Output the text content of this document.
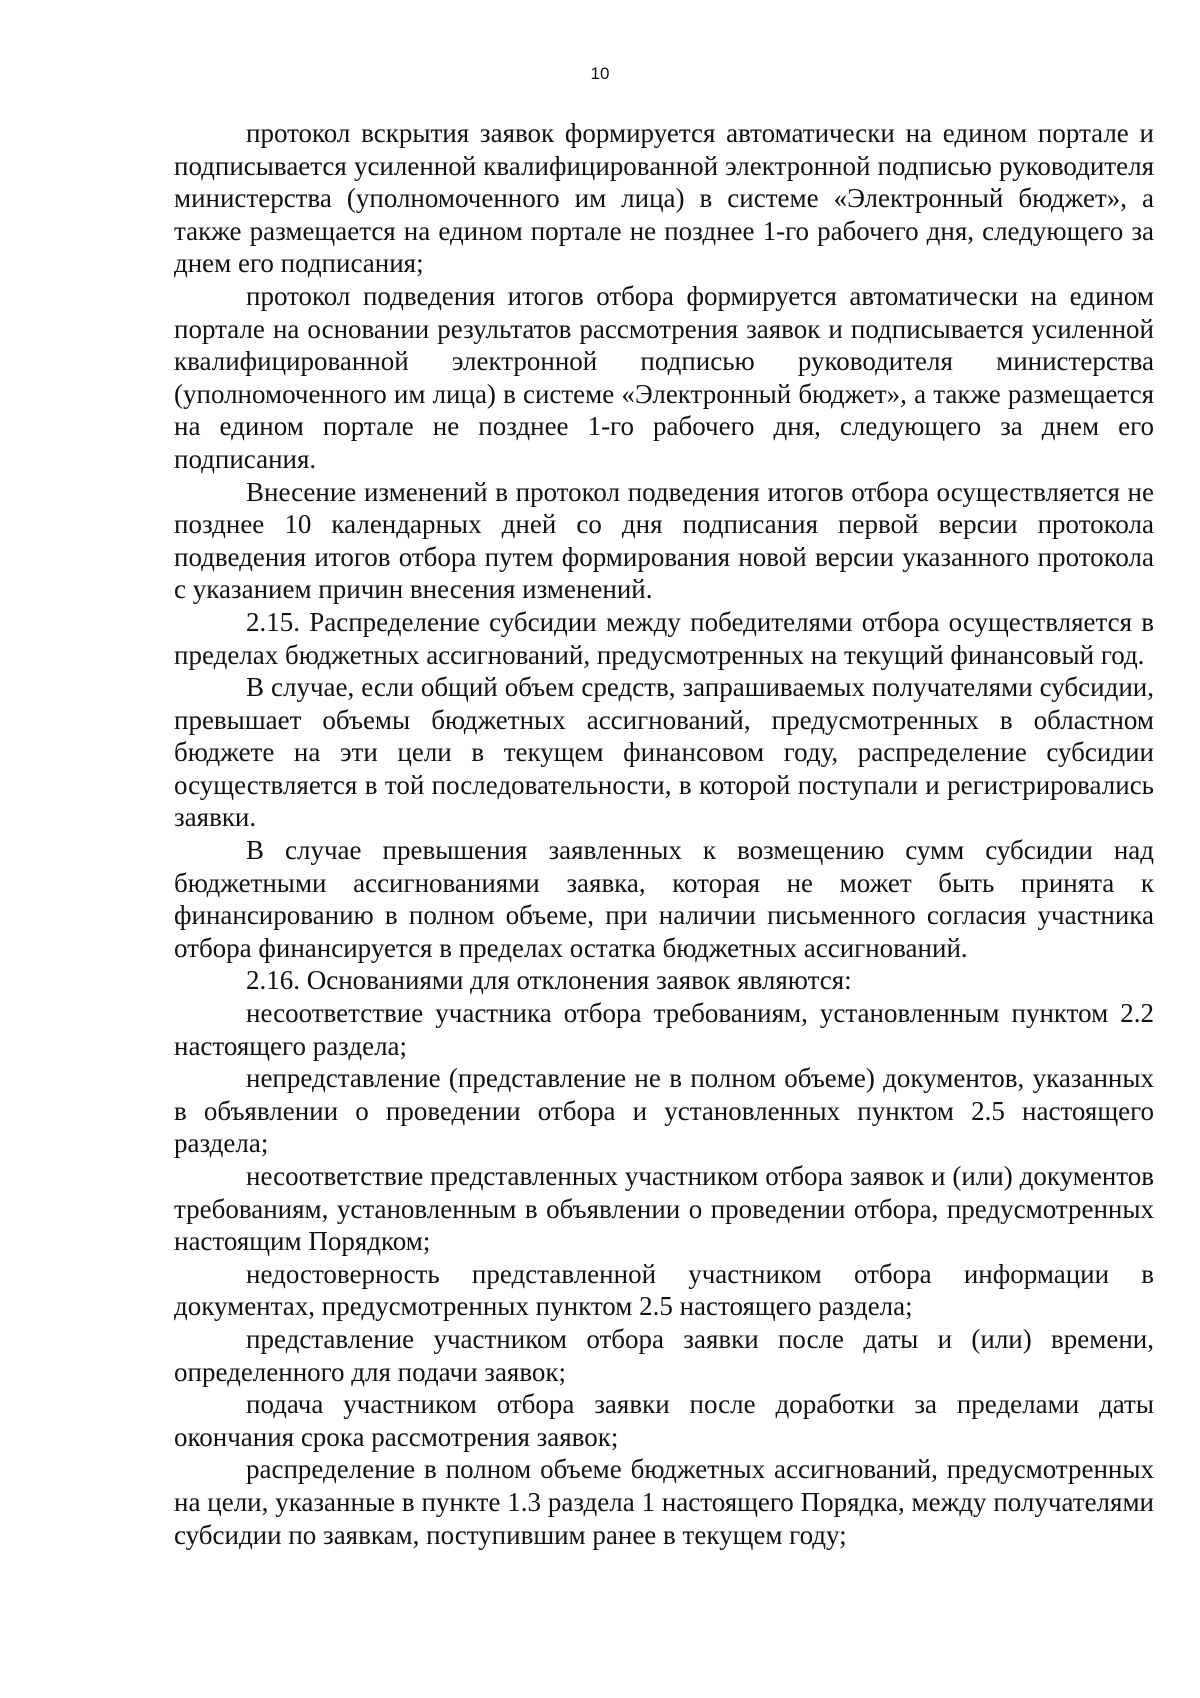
10

протокол вскрытия заявок формируется автоматически на едином портале и подписывается усиленной квалифицированной электронной подписью руководителя министерства (уполномоченного им лица) в системе «Электронный бюджет», а также размещается на едином портале не позднее 1-го рабочего дня, следующего за днем его подписания;

протокол подведения итогов отбора формируется автоматически на едином портале на основании результатов рассмотрения заявок и подписывается усиленной квалифицированной электронной подписью руководителя министерства (уполномоченного им лица) в системе «Электронный бюджет», а также размещается на едином портале не позднее 1-го рабочего дня, следующего за днем его подписания.

Внесение изменений в протокол подведения итогов отбора осуществляется не позднее 10 календарных дней со дня подписания первой версии протокола подведения итогов отбора путем формирования новой версии указанного протокола с указанием причин внесения изменений.

2.15. Распределение субсидии между победителями отбора осуществляется в пределах бюджетных ассигнований, предусмотренных на текущий финансовый год.

В случае, если общий объем средств, запрашиваемых получателями субсидии, превышает объемы бюджетных ассигнований, предусмотренных в областном бюджете на эти цели в текущем финансовом году, распределение субсидии осуществляется в той последовательности, в которой поступали и регистрировались заявки.

В случае превышения заявленных к возмещению сумм субсидии над бюджетными ассигнованиями заявка, которая не может быть принята к финансированию в полном объеме, при наличии письменного согласия участника отбора финансируется в пределах остатка бюджетных ассигнований.

2.16. Основаниями для отклонения заявок являются:

несоответствие участника отбора требованиям, установленным пунктом 2.2 настоящего раздела;

непредставление (представление не в полном объеме) документов, указанных в объявлении о проведении отбора и установленных пунктом 2.5 настоящего раздела;

несоответствие представленных участником отбора заявок и (или) документов требованиям, установленным в объявлении о проведении отбора, предусмотренных настоящим Порядком;

недостоверность представленной участником отбора информации в документах, предусмотренных пунктом 2.5 настоящего раздела;

представление участником отбора заявки после даты и (или) времени, определенного для подачи заявок;

подача участником отбора заявки после доработки за пределами даты окончания срока рассмотрения заявок;

распределение в полном объеме бюджетных ассигнований, предусмотренных на цели, указанные в пункте 1.3 раздела 1 настоящего Порядка, между получателями субсидии по заявкам, поступившим ранее в текущем году;
